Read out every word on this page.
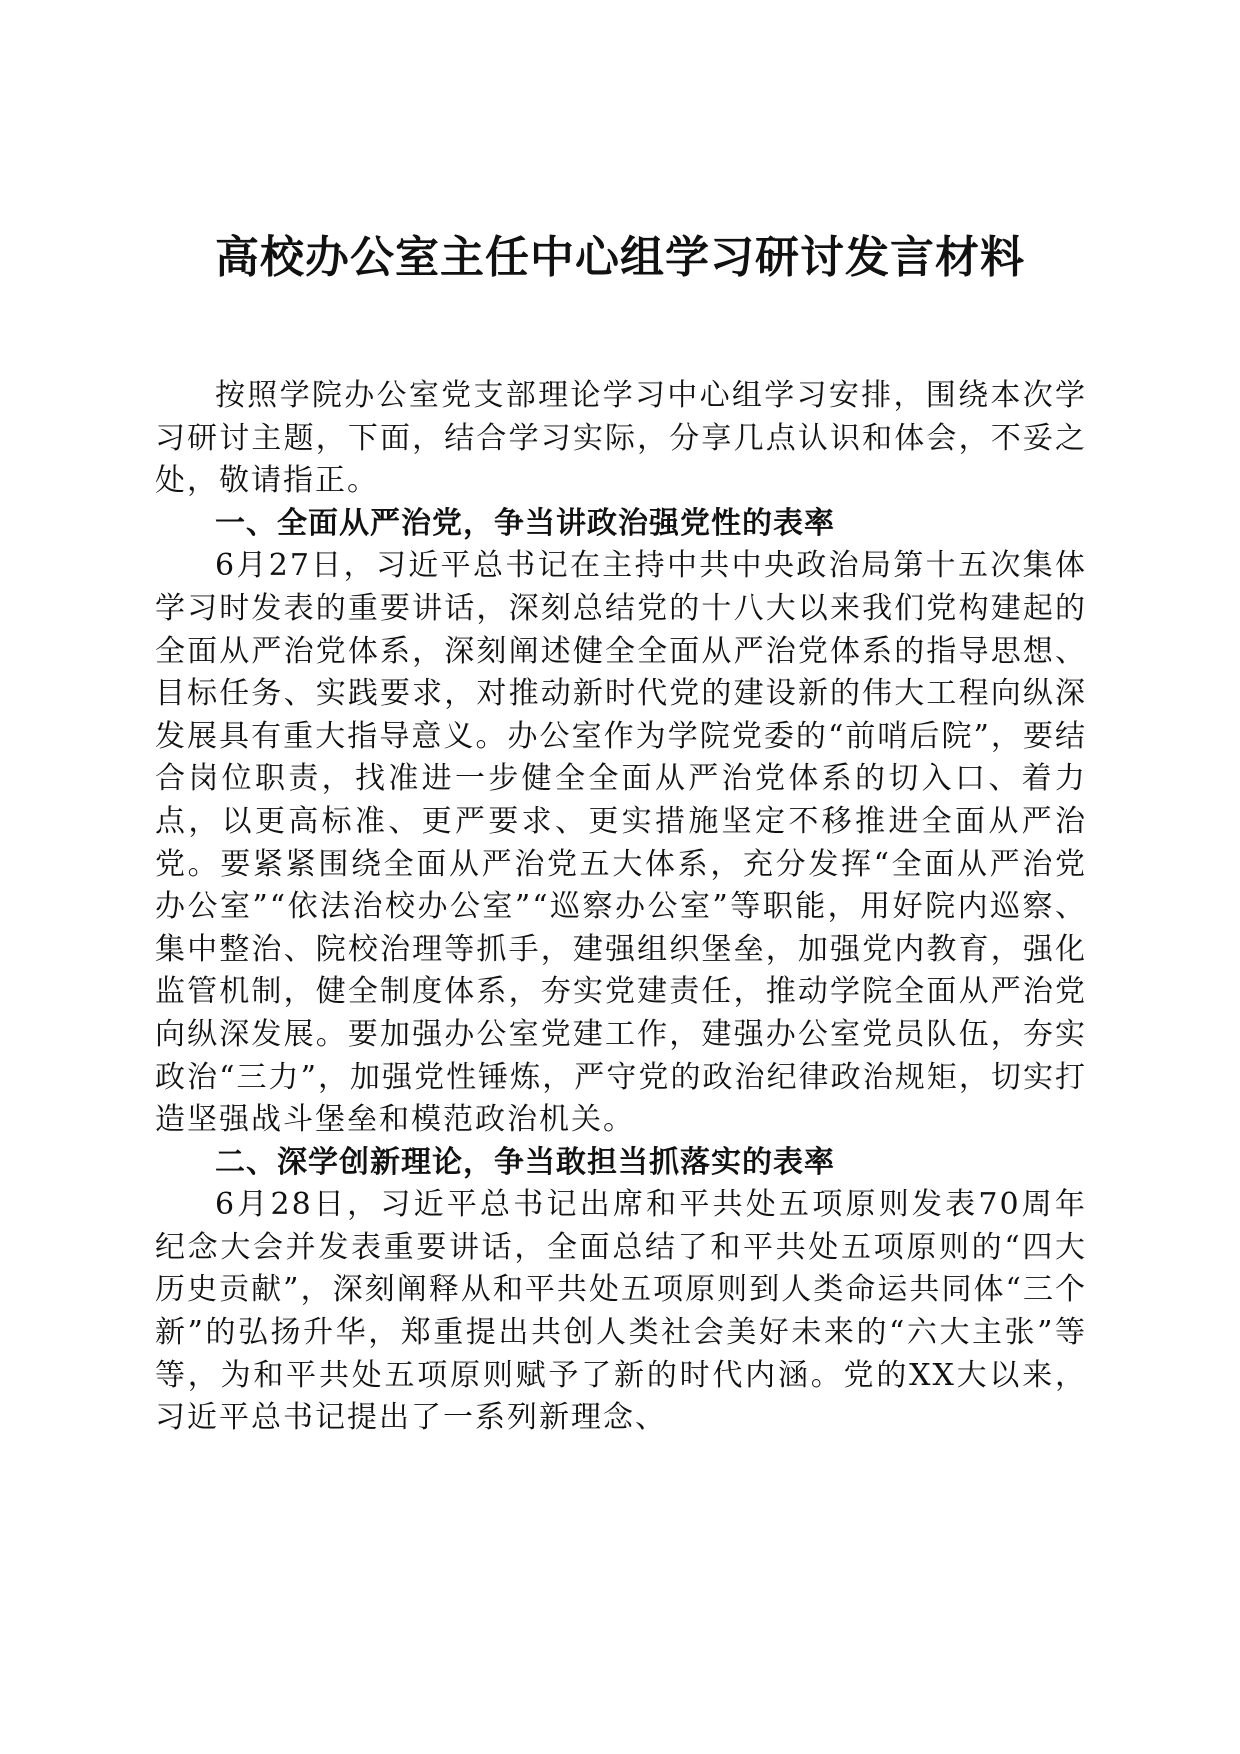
高校办公室主任中心组学习研讨发言材料

按照学院办公室党支部理论学习中心组学习安排，围绕本次学习研讨主题，下面，结合学习实际，分享几点认识和体会，不妥之处，敬请指正。

一、全面从严治党，争当讲政治强党性的表率

6月27日，习近平总书记在主持中共中央政治局第十五次集体学习时发表的重要讲话，深刻总结党的十八大以来我们党构建起的全面从严治党体系，深刻阐述健全全面从严治党体系的指导思想、目标任务、实践要求，对推动新时代党的建设新的伟大工程向纵深发展具有重大指导意义。办公室作为学院党委的“前哨后院”，要结合岗位职责，找准进一步健全全面从严治党体系的切入口、着力点，以更高标准、更严要求、更实措施坚定不移推进全面从严治党。要紧紧围绕全面从严治党五大体系，充分发挥“全面从严治党办公室”“依法治校办公室”“巡察办公室”等职能，用好院内巡察、集中整治、院校治理等抓手，建强组织堡垒，加强党内教育，强化监管机制，健全制度体系，夯实党建责任，推动学院全面从严治党向纵深发展。要加强办公室党建工作，建强办公室党员队伍，夯实政治“三力”，加强党性锤炼，严守党的政治纪律政治规矩，切实打造坚强战斗堡垒和模范政治机关。

二、深学创新理论，争当敢担当抓落实的表率

6月28日，习近平总书记出席和平共处五项原则发表70周年纪念大会并发表重要讲话，全面总结了和平共处五项原则的“四大历史贡献”，深刻阐释从和平共处五项原则到人类命运共同体“三个新”的弘扬升华，郑重提出共创人类社会美好未来的“六大主张”等等，为和平共处五项原则赋予了新的时代内涵。党的XX大以来，习近平总书记提出了一系列新理念、
